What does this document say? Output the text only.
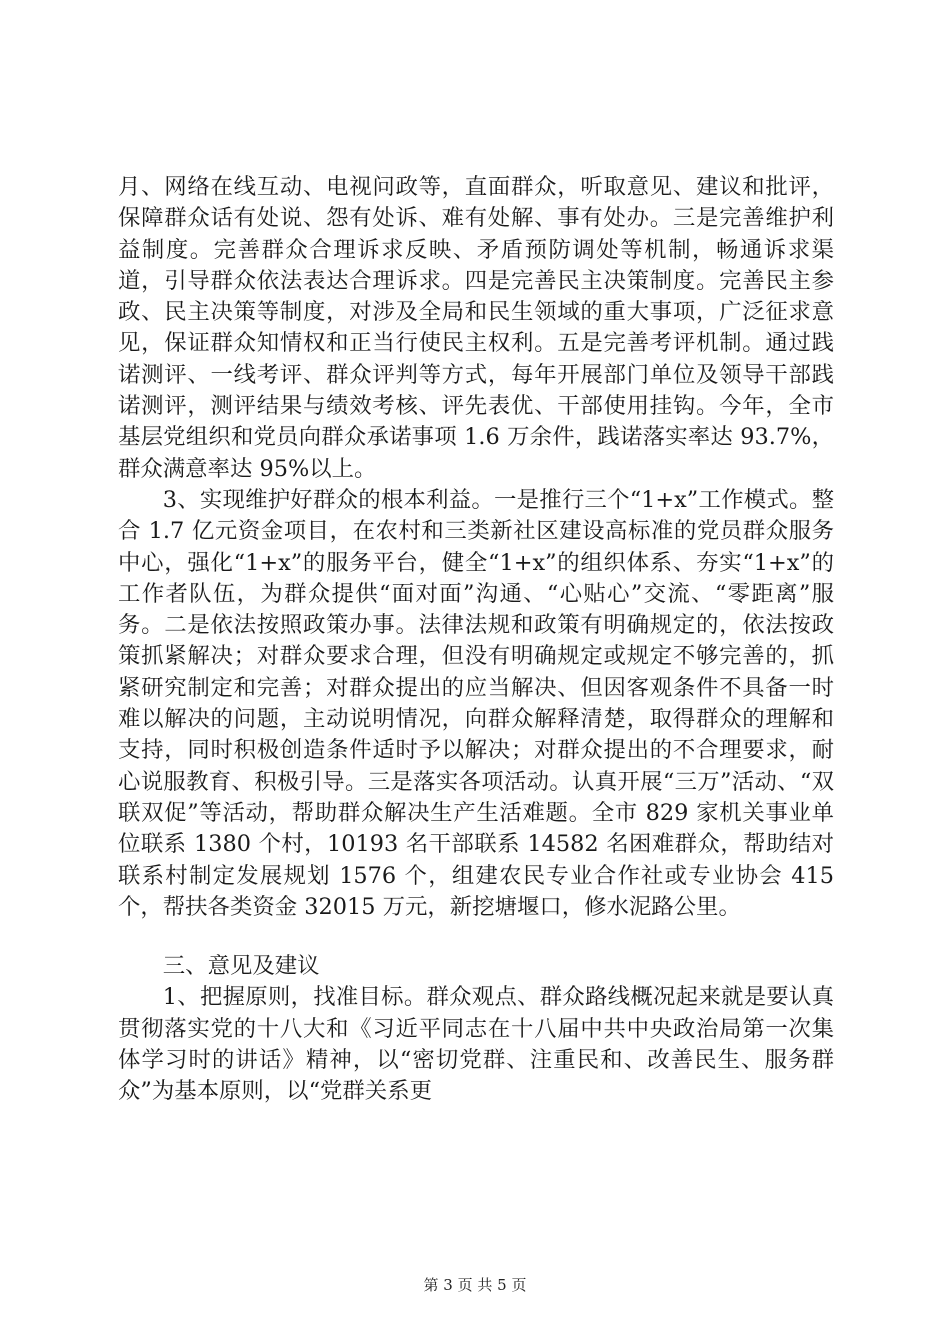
月、网络在线互动、电视问政等，直面群众，听取意见、建议和批评，保障群众话有处说、怨有处诉、难有处解、事有处办。三是完善维护利益制度。完善群众合理诉求反映、矛盾预防调处等机制，畅通诉求渠道，引导群众依法表达合理诉求。四是完善民主决策制度。完善民主参政、民主决策等制度，对涉及全局和民生领域的重大事项，广泛征求意见，保证群众知情权和正当行使民主权利。五是完善考评机制。通过践诺测评、一线考评、群众评判等方式，每年开展部门单位及领导干部践诺测评，测评结果与绩效考核、评先表优、干部使用挂钩。今年，全市基层党组织和党员向群众承诺事项 1.6 万余件，践诺落实率达 93.7%，群众满意率达 95%以上。

3、实现维护好群众的根本利益。一是推行三个“1+x”工作模式。整合 1.7 亿元资金项目，在农村和三类新社区建设高标准的党员群众服务中心，强化“1+x”的服务平台，健全“1+x”的组织体系、夯实“1+x”的工作者队伍，为群众提供“面对面”沟通、“心贴心”交流、“零距离”服务。二是依法按照政策办事。法律法规和政策有明确规定的，依法按政策抓紧解决；对群众要求合理，但没有明确规定或规定不够完善的，抓紧研究制定和完善；对群众提出的应当解决、但因客观条件不具备一时难以解决的问题，主动说明情况，向群众解释清楚，取得群众的理解和支持，同时积极创造条件适时予以解决；对群众提出的不合理要求，耐心说服教育、积极引导。三是落实各项活动。认真开展“三万”活动、“双联双促”等活动，帮助群众解决生产生活难题。全市 829 家机关事业单位联系 1380 个村，10193 名干部联系 14582 名困难群众，帮助结对联系村制定发展规划 1576 个，组建农民专业合作社或专业协会 415 个，帮扶各类资金 32015 万元，新挖塘堰口，修水泥路公里。

三、意见及建议

1、把握原则，找准目标。群众观点、群众路线概况起来就是要认真贯彻落实党的十八大和《习近平同志在十八届中共中央政治局第一次集体学习时的讲话》精神，以“密切党群、注重民和、改善民生、服务群众”为基本原则，以“党群关系更

第 3 页 共 5 页
